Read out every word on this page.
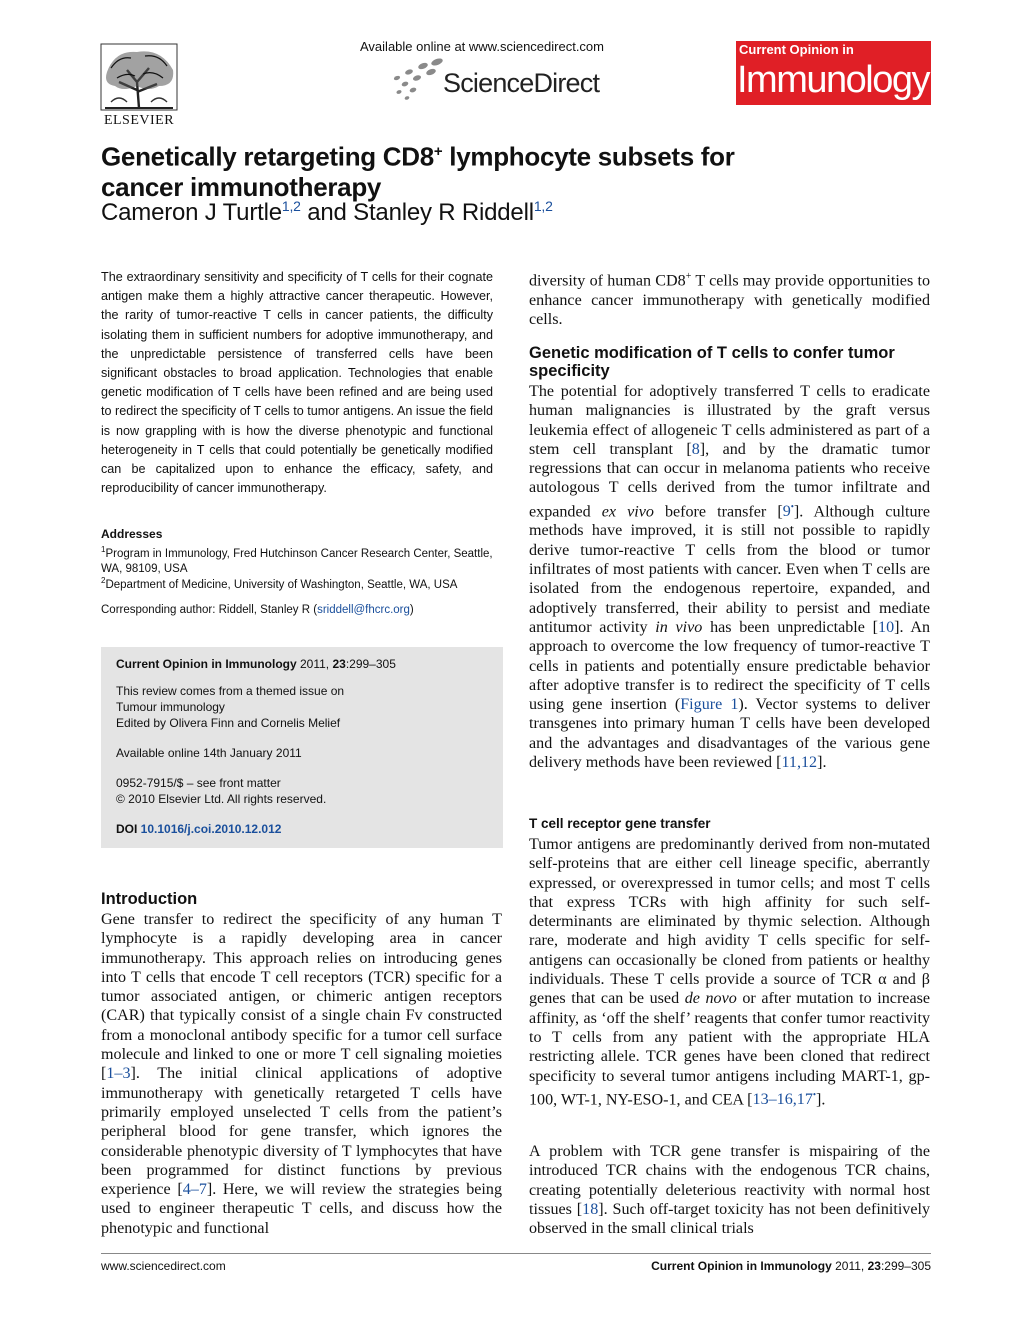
ELSEVIER
Available online at www.sciencedirect.com
ScienceDirect
Current Opinion in
Immunology
Genetically retargeting CD8+ lymphocyte subsets for cancer immunotherapy
Cameron J Turtle$^{1,2}$ and Stanley R Riddell$^{1,2}$
The extraordinary sensitivity and specificity of T cells for their cognate antigen make them a highly attractive cancer therapeutic. However, the rarity of tumor-reactive T cells in cancer patients, the difficulty isolating them in sufficient numbers for adoptive immunotherapy, and the unpredictable persistence of transferred cells have been significant obstacles to broad application. Technologies that enable genetic modification of T cells have been refined and are being used to redirect the specificity of T cells to tumor antigens. An issue the field is now grappling with is how the diverse phenotypic and functional heterogeneity in T cells that could potentially be genetically modified can be capitalized upon to enhance the efficacy, safety, and reproducibility of cancer immunotherapy.
Addresses
$^1$Program in Immunology, Fred Hutchinson Cancer Research Center, Seattle, WA, 98109, USA
$^2$Department of Medicine, University of Washington, Seattle, WA, USA
Corresponding author: Riddell, Stanley R (sriddell@fhcrc.org)
Current Opinion in Immunology 2011, 23:299–305
This review comes from a themed issue on
Tumour immunology
Edited by Olivera Finn and Cornelis Melief
Available online 14th January 2011
0952-7915/$ – see front matter
© 2010 Elsevier Ltd. All rights reserved.
DOI 10.1016/j.coi.2010.12.012
Introduction
Gene transfer to redirect the specificity of any human T lymphocyte is a rapidly developing area in cancer immunotherapy. This approach relies on introducing genes into T cells that encode T cell receptors (TCR) specific for a tumor associated antigen, or chimeric antigen receptors (CAR) that typically consist of a single chain Fv constructed from a monoclonal antibody specific for a tumor cell surface molecule and linked to one or more T cell signaling moieties [1–3]. The initial clinical applications of adoptive immunotherapy with genetically retargeted T cells have primarily employed unselected T cells from the patient’s peripheral blood for gene transfer, which ignores the considerable phenotypic diversity of T lymphocytes that have been programmed for distinct functions by previous experience [4–7]. Here, we will review the strategies being used to engineer therapeutic T cells, and discuss how the phenotypic and functional
diversity of human CD8+ T cells may provide opportunities to enhance cancer immunotherapy with genetically modified cells.
Genetic modification of T cells to confer tumor specificity
The potential for adoptively transferred T cells to eradicate human malignancies is illustrated by the graft versus leukemia effect of allogeneic T cells administered as part of a stem cell transplant [8], and by the dramatic tumor regressions that can occur in melanoma patients who receive autologous T cells derived from the tumor infiltrate and expanded ex vivo before transfer [9•]. Although culture methods have improved, it is still not possible to rapidly derive tumor-reactive T cells from the blood or tumor infiltrates of most patients with cancer. Even when T cells are isolated from the endogenous repertoire, expanded, and adoptively transferred, their ability to persist and mediate antitumor activity in vivo has been unpredictable [10]. An approach to overcome the low frequency of tumor-reactive T cells in patients and potentially ensure predictable behavior after adoptive transfer is to redirect the specificity of T cells using gene insertion (Figure 1). Vector systems to deliver transgenes into primary human T cells have been developed and the advantages and disadvantages of the various gene delivery methods have been reviewed [11,12].
T cell receptor gene transfer
Tumor antigens are predominantly derived from non-mutated self-proteins that are either cell lineage specific, aberrantly expressed, or overexpressed in tumor cells; and most T cells that express TCRs with high affinity for such self-determinants are eliminated by thymic selection. Although rare, moderate and high avidity T cells specific for self-antigens can occasionally be cloned from patients or healthy individuals. These T cells provide a source of TCR α and β genes that can be used de novo or after mutation to increase affinity, as ‘off the shelf’ reagents that confer tumor reactivity to T cells from any patient with the appropriate HLA restricting allele. TCR genes have been cloned that redirect specificity to several tumor antigens including MART-1, gp-100, WT-1, NY-ESO-1, and CEA [13–16,17•].
A problem with TCR gene transfer is mispairing of the introduced TCR chains with the endogenous TCR chains, creating potentially deleterious reactivity with normal host tissues [18]. Such off-target toxicity has not been definitively observed in the small clinical trials
www.sciencedirect.com	Current Opinion in Immunology 2011, 23:299–305
